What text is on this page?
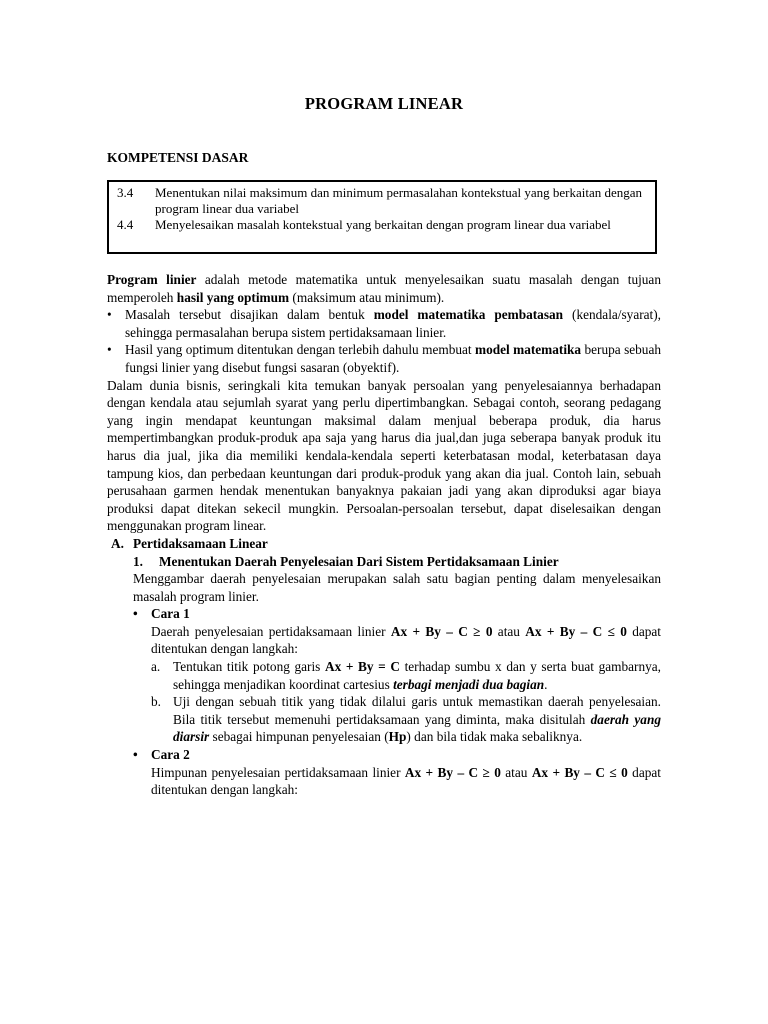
PROGRAM LINEAR
KOMPETENSI DASAR
3.4	Menentukan nilai maksimum dan minimum permasalahan kontekstual yang berkaitan dengan program linear dua variabel
4.4	Menyelesaikan masalah kontekstual yang berkaitan dengan program linear dua variabel

Program linier adalah metode matematika untuk menyelesaikan suatu masalah dengan tujuan memperoleh hasil yang optimum (maksimum atau minimum).

•	Masalah tersebut disajikan dalam bentuk model matematika pembatasan (kendala/syarat), sehingga permasalahan berupa sistem pertidaksamaan linier.
•	Hasil yang optimum ditentukan dengan terlebih dahulu membuat model matematika berupa sebuah fungsi linier yang disebut fungsi sasaran (obyektif).

Dalam dunia bisnis, seringkali kita temukan banyak persoalan yang penyelesaiannya berhadapan dengan kendala atau sejumlah syarat yang perlu dipertimbangkan. Sebagai contoh, seorang pedagang yang ingin mendapat keuntungan maksimal dalam menjual beberapa produk, dia harus mempertimbangkan produk-produk apa saja yang harus dia jual,dan juga seberapa banyak produk itu harus dia jual, jika dia memiliki kendala-kendala seperti keterbatasan modal, keterbatasan daya tampung kios, dan perbedaan keuntungan dari produk-produk yang akan dia jual. Contoh lain, sebuah perusahaan garmen hendak menentukan banyaknya pakaian jadi yang akan diproduksi agar biaya produksi dapat ditekan sekecil mungkin. Persoalan-persoalan tersebut, dapat diselesaikan dengan menggunakan program linear.

A. Pertidaksamaan Linear
1.	Menentukan Daerah Penyelesaian Dari Sistem Pertidaksamaan Linier

Menggambar daerah penyelesaian merupakan salah satu bagian penting dalam menyelesaikan masalah program linier.

•	Cara 1

Daerah penyelesaian pertidaksamaan linier Ax + By – C ≥ 0 atau Ax + By – C ≤ 0 dapat ditentukan dengan langkah:

a. Tentukan titik potong garis Ax + By = C terhadap sumbu x dan y serta buat gambarnya, sehingga menjadikan koordinat cartesius terbagi menjadi dua bagian.
b. Uji dengan sebuah titik yang tidak dilalui garis untuk memastikan daerah penyelesaian. Bila titik tersebut memenuhi pertidaksamaan yang diminta, maka disitulah daerah yang diarsir sebagai himpunan penyelesaian (Hp) dan bila tidak maka sebaliknya.
•	Cara 2

Himpunan penyelesaian pertidaksamaan linier Ax + By – C ≥ 0 atau Ax + By – C ≤ 0 dapat ditentukan dengan langkah:
